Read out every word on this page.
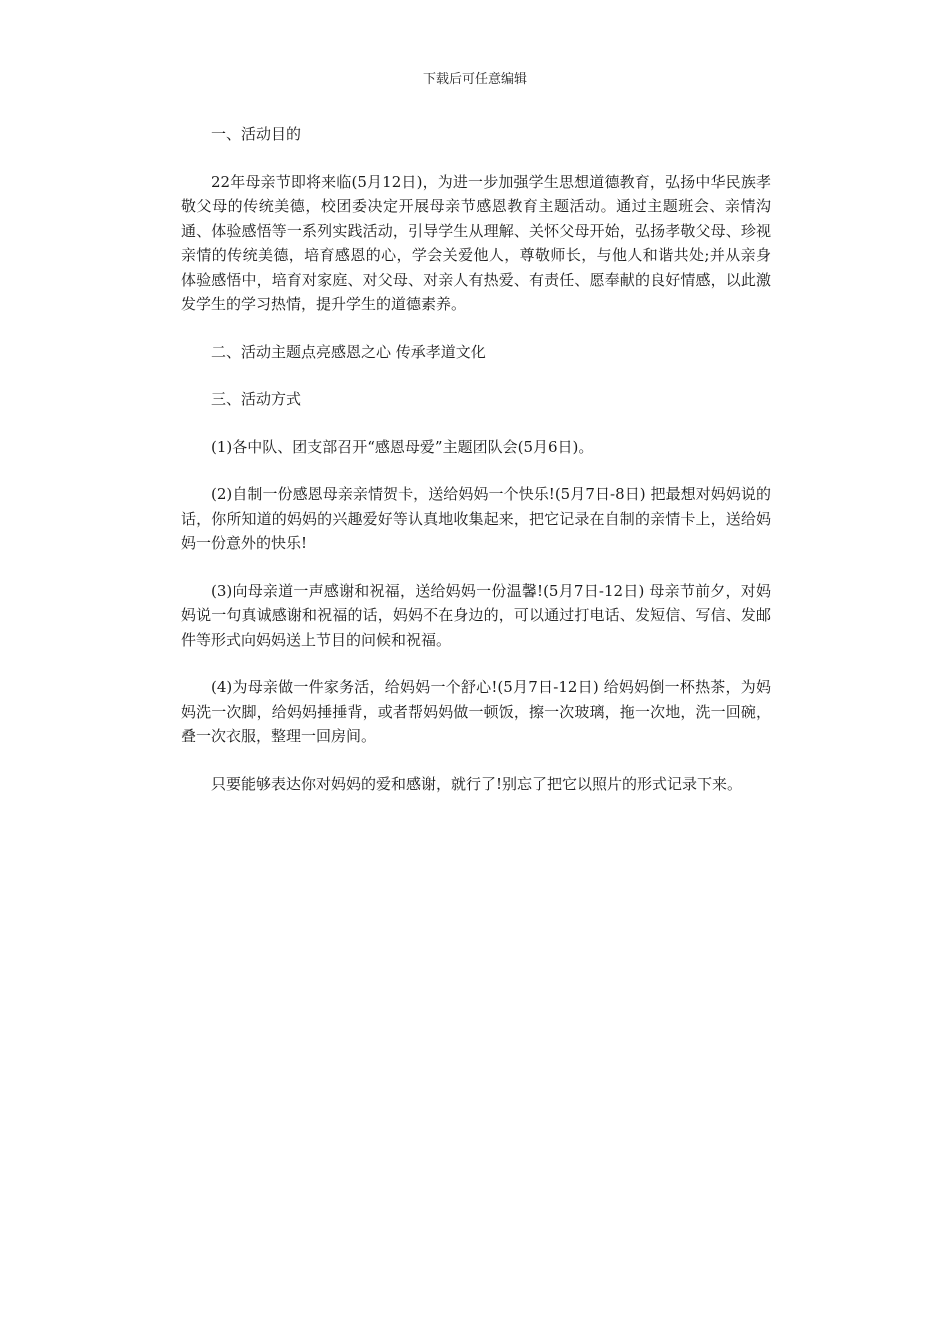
下载后可任意编辑

一、活动目的

22年母亲节即将来临(5月12日)，为进一步加强学生思想道德教育，弘扬中华民族孝敬父母的传统美德，校团委决定开展母亲节感恩教育主题活动。通过主题班会、亲情沟通、体验感悟等一系列实践活动，引导学生从理解、关怀父母开始，弘扬孝敬父母、珍视亲情的传统美德，培育感恩的心，学会关爱他人，尊敬师长，与他人和谐共处;并从亲身体验感悟中，培育对家庭、对父母、对亲人有热爱、有责任、愿奉献的良好情感，以此激发学生的学习热情，提升学生的道德素养。

二、活动主题点亮感恩之心 传承孝道文化

三、活动方式

(1)各中队、团支部召开“感恩母爱”主题团队会(5月6日)。

(2)自制一份感恩母亲亲情贺卡，送给妈妈一个快乐!(5月7日-8日) 把最想对妈妈说的话，你所知道的妈妈的兴趣爱好等认真地收集起来，把它记录在自制的亲情卡上，送给妈妈一份意外的快乐!

(3)向母亲道一声感谢和祝福，送给妈妈一份温馨!(5月7日-12日) 母亲节前夕，对妈妈说一句真诚感谢和祝福的话，妈妈不在身边的，可以通过打电话、发短信、写信、发邮件等形式向妈妈送上节目的问候和祝福。

(4)为母亲做一件家务活，给妈妈一个舒心!(5月7日-12日) 给妈妈倒一杯热茶，为妈妈洗一次脚，给妈妈捶捶背，或者帮妈妈做一顿饭，擦一次玻璃，拖一次地，洗一回碗，叠一次衣服，整理一回房间。

只要能够表达你对妈妈的爱和感谢，就行了!别忘了把它以照片的形式记录下来。
